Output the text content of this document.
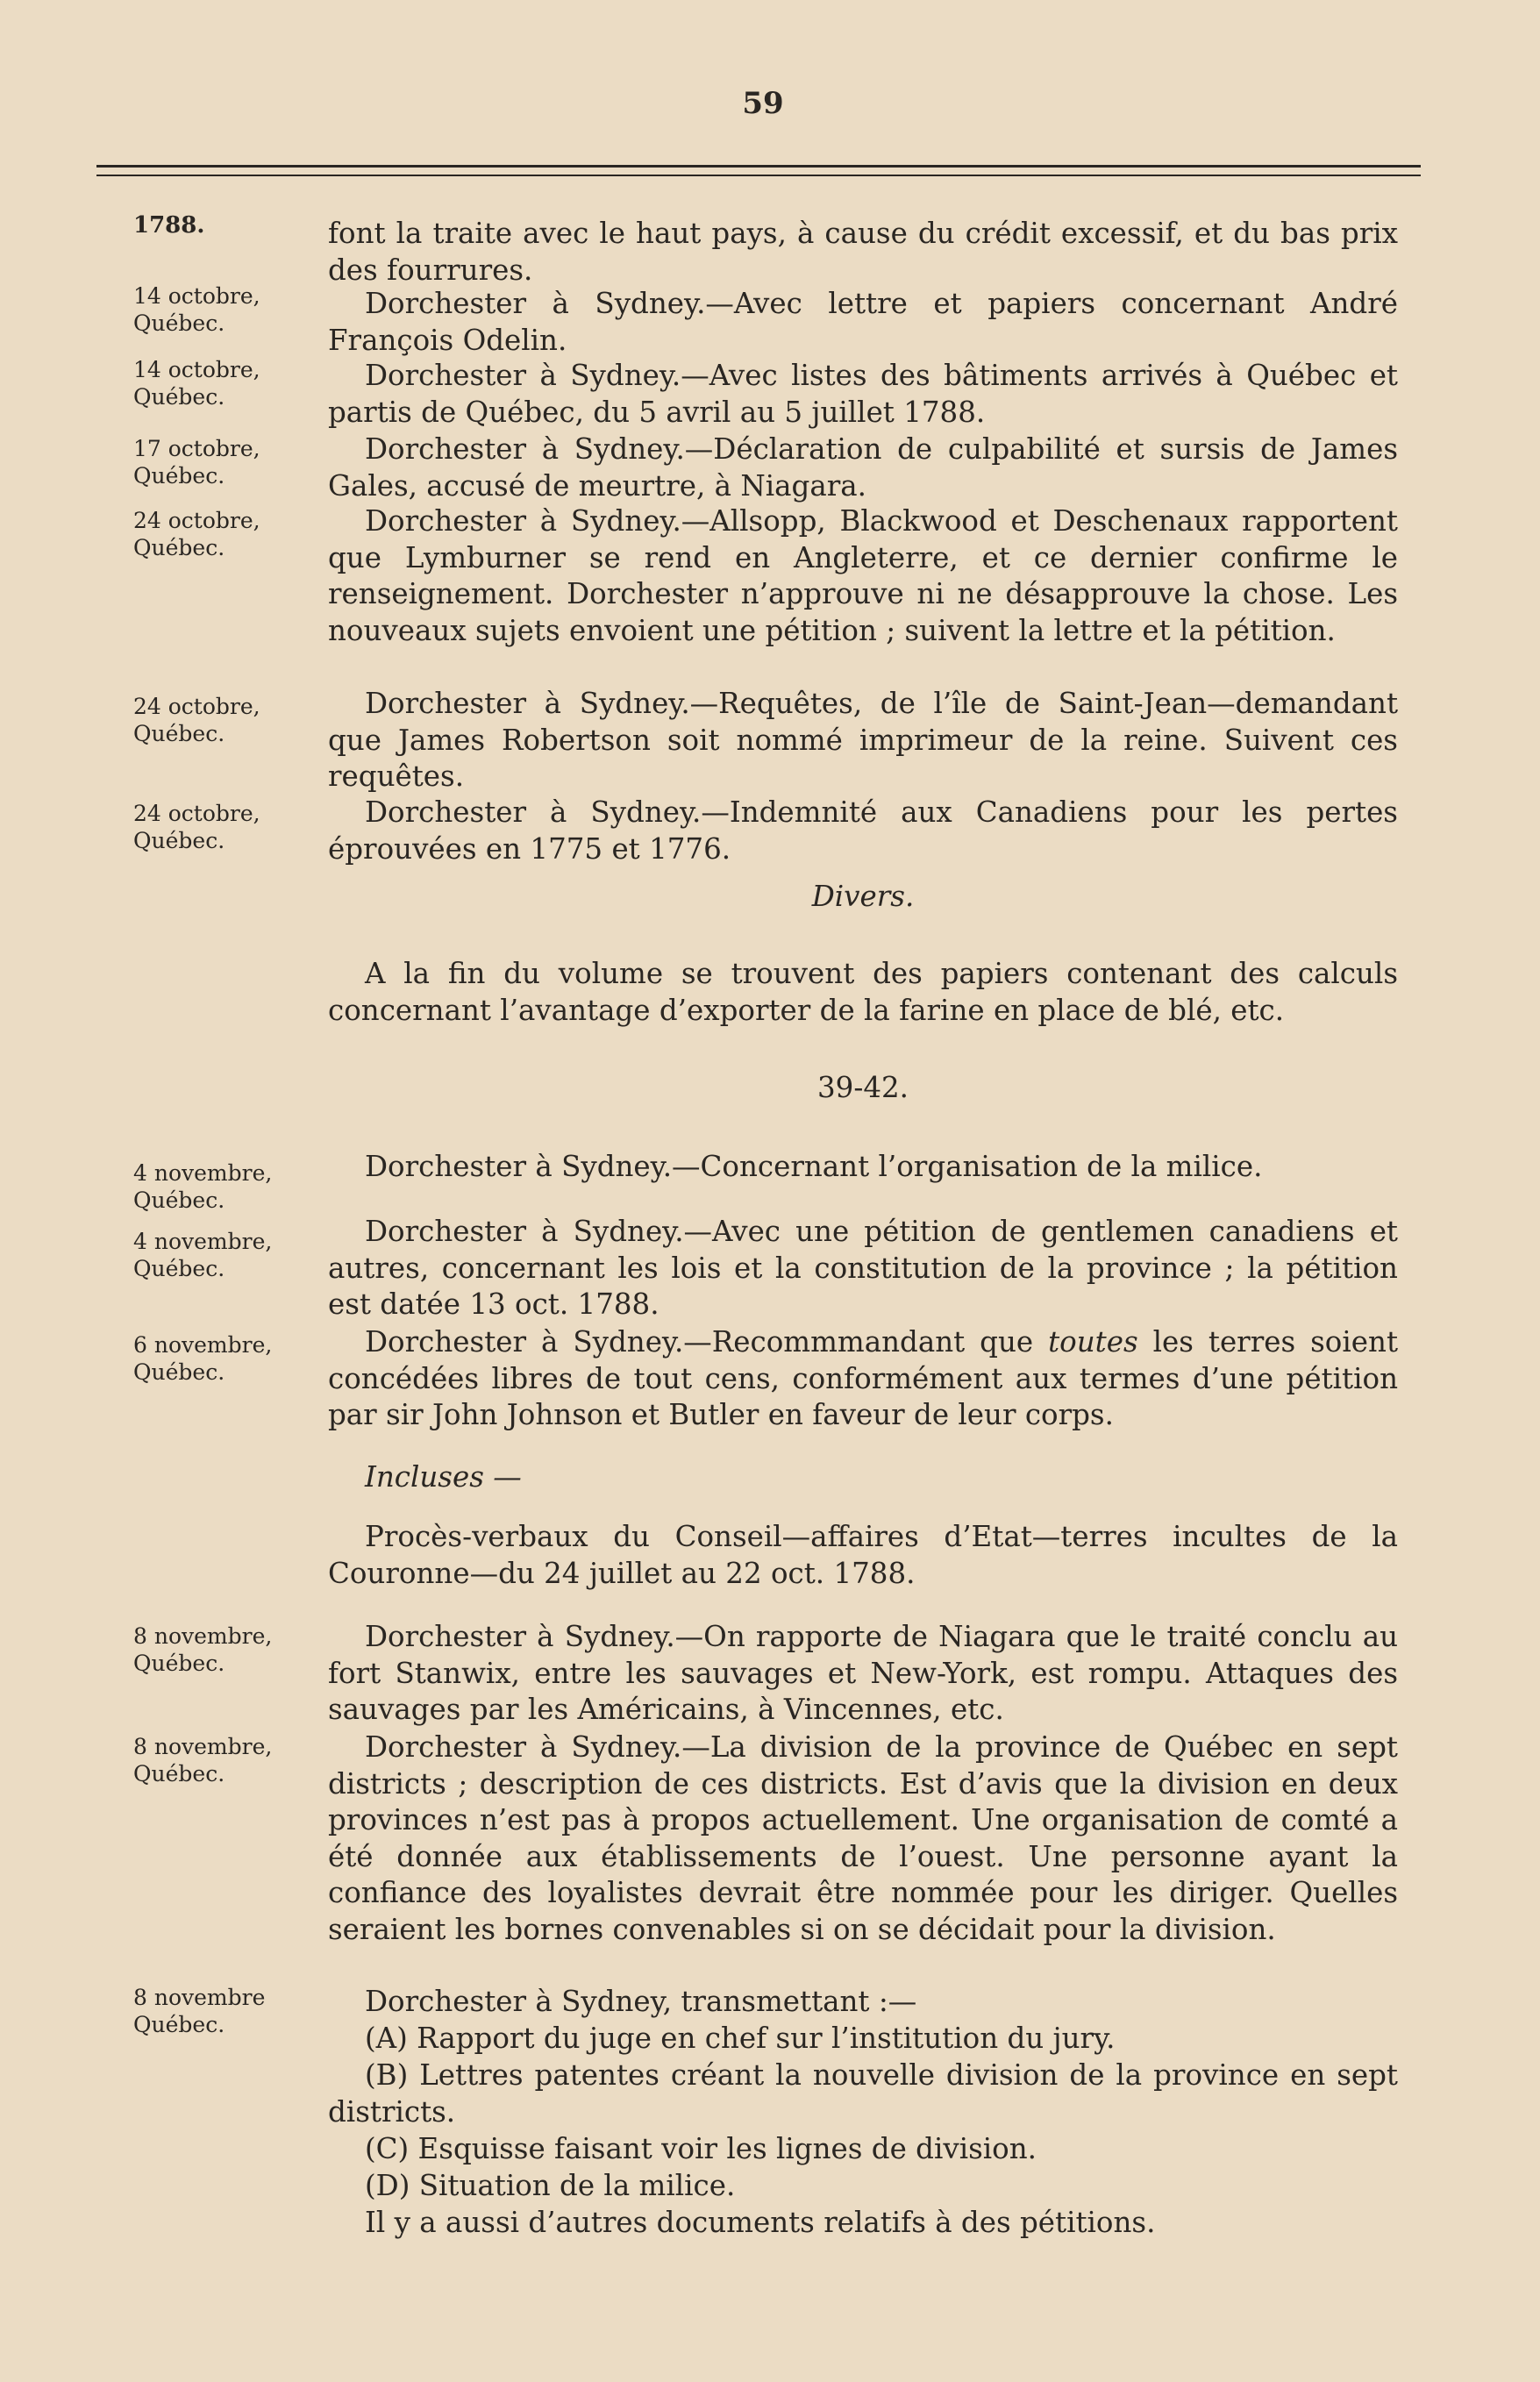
59
1788.
14 octobre,
Québec.
14 octobre,
Québec.
17 octobre,
Québec.
24 octobre,
Québec.
24 octobre,
Québec.
24 octobre,
Québec.
4 novembre,
Québec.
4 novembre,
Québec.
6 novembre,
Québec.
8 novembre,
Québec.
8 novembre,
Québec.
8 novembre
Québec.
font la traite avec le haut pays, à cause du crédit excessif, et du bas prix des fourrures.
Dorchester à Sydney.—Avec lettre et papiers concernant André François Odelin.
Dorchester à Sydney.—Avec listes des bâtiments arrivés à Québec et partis de Québec, du 5 avril au 5 juillet 1788.
Dorchester à Sydney.—Déclaration de culpabilité et sursis de James Gales, accusé de meurtre, à Niagara.
Dorchester à Sydney.—Allsopp, Blackwood et Deschenaux rapportent que Lymburner se rend en Angleterre, et ce dernier confirme le renseignement. Dorchester n’approuve ni ne désapprouve la chose. Les nouveaux sujets envoient une pétition ; suivent la lettre et la pétition.
Dorchester à Sydney.—Requêtes, de l’île de Saint-Jean—demandant que James Robertson soit nommé imprimeur de la reine. Suivent ces requêtes.
Dorchester à Sydney.—Indemnité aux Canadiens pour les pertes éprouvées en 1775 et 1776.
Divers.
A la fin du volume se trouvent des papiers contenant des calculs concernant l’avantage d’exporter de la farine en place de blé, etc.
39-42.
Dorchester à Sydney.—Concernant l’organisation de la milice.
Dorchester à Sydney.—Avec une pétition de gentlemen canadiens et autres, concernant les lois et la constitution de la province ; la pétition est datée 13 oct. 1788.
Dorchester à Sydney.—Recommmandant que toutes les terres soient concédées libres de tout cens, conformément aux termes d’une pétition par sir John Johnson et Butler en faveur de leur corps.
Incluses —
Procès-verbaux du Conseil—affaires d’Etat—terres incultes de la Couronne—du 24 juillet au 22 oct. 1788.
Dorchester à Sydney.—On rapporte de Niagara que le traité conclu au fort Stanwix, entre les sauvages et New-York, est rompu. Attaques des sauvages par les Américains, à Vincennes, etc.
Dorchester à Sydney.—La division de la province de Québec en sept districts ; description de ces districts. Est d’avis que la division en deux provinces n’est pas à propos actuellement. Une organisation de comté a été donnée aux établissements de l’ouest. Une personne ayant la confiance des loyalistes devrait être nommée pour les diriger. Quelles seraient les bornes convenables si on se décidait pour la division.
Dorchester à Sydney, transmettant :—
(A) Rapport du juge en chef sur l’institution du jury.
(B) Lettres patentes créant la nouvelle division de la province en sept districts.
(C) Esquisse faisant voir les lignes de division.
(D) Situation de la milice.
Il y a aussi d’autres documents relatifs à des pétitions.
